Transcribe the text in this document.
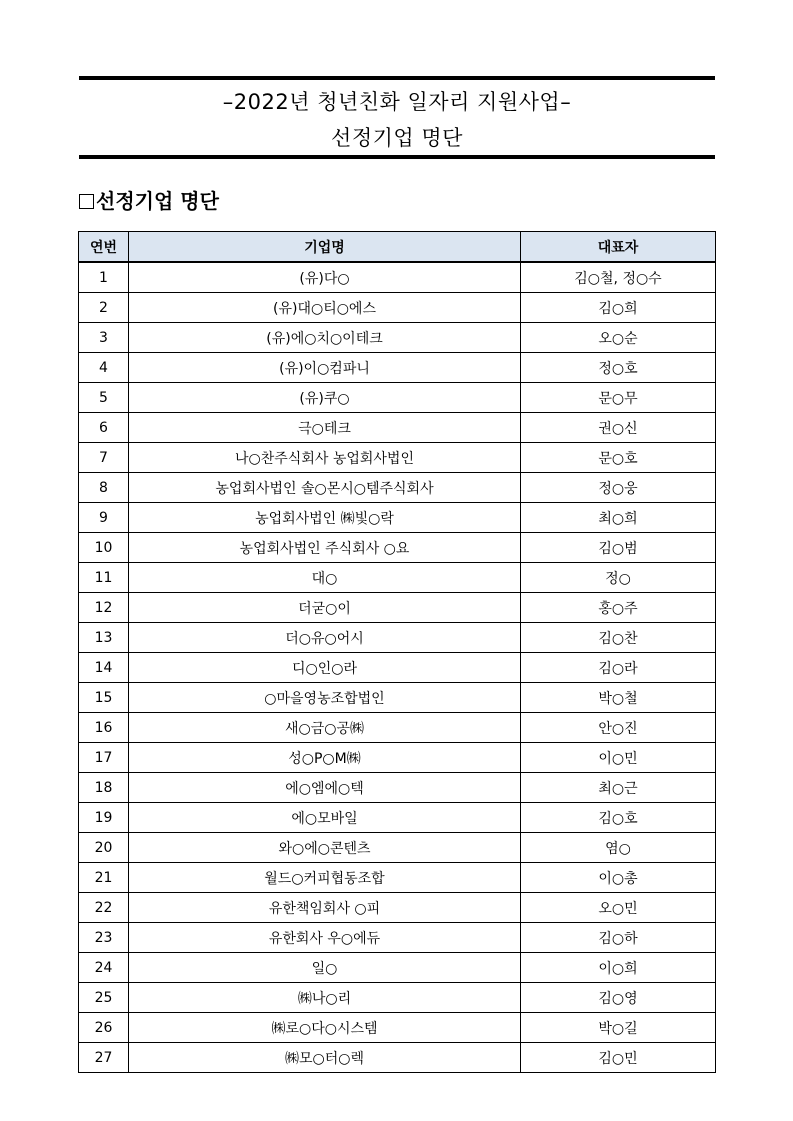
–2022년 청년친화 일자리 지원사업–
선정기업 명단
선정기업 명단
연번	기업명	대표자
1	(유)다○	김○철, 정○수
2	(유)대○티○에스	김○희
3	(유)에○치○이테크	오○순
4	(유)이○컴파니	정○호
5	(유)쿠○	문○무
6	극○테크	권○신
7	나○찬주식회사 농업회사법인	문○호
8	농업회사법인 솔○몬시○템주식회사	정○웅
9	농업회사법인 ㈱빛○락	최○희
10	농업회사법인 주식회사 ○요	김○범
11	대○	정○
12	더굳○이	홍○주
13	더○유○어시	김○찬
14	디○인○라	김○라
15	○마을영농조합법인	박○철
16	새○금○공㈱	안○진
17	성○P○M㈱	이○민
18	에○엠에○텍	최○근
19	에○모바일	김○호
20	와○에○콘텐츠	염○
21	월드○커피협동조합	이○총
22	유한책임회사 ○피	오○민
23	유한회사 우○에듀	김○하
24	일○	이○희
25	㈱나○리	김○영
26	㈱로○다○시스템	박○길
27	㈱모○터○렉	김○민
